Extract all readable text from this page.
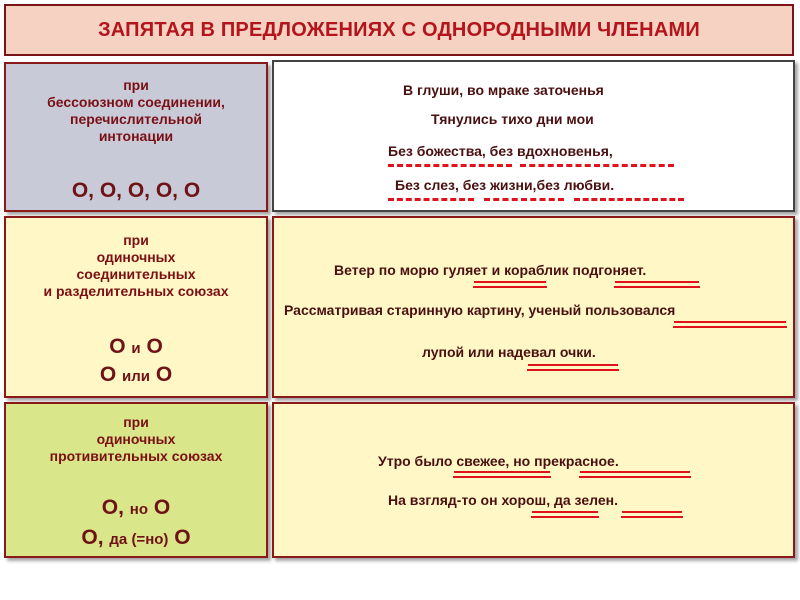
ЗАПЯТАЯ В ПРЕДЛОЖЕНИЯХ С ОДНОРОДНЫМИ ЧЛЕНАМИ
при
бессоюзном соединении,
перечислительной
интонации
О, О, О, О, О
В глуши, во мраке заточенья
Тянулись тихо дни мои
Без божества, без вдохновенья,
Без слез, без жизни,без любви.
при
одиночных
соединительных
и разделительных союзах
О и О
О или О
Ветер по морю гуляет и кораблик подгоняет.
Рассматривая старинную картину, ученый пользовался
лупой или надевал очки.
при
одиночных
противительных союзах
О, но О
О, да (=но) О
Утро было свежее, но прекрасное.
На взгляд-то он хорош, да зелен.
